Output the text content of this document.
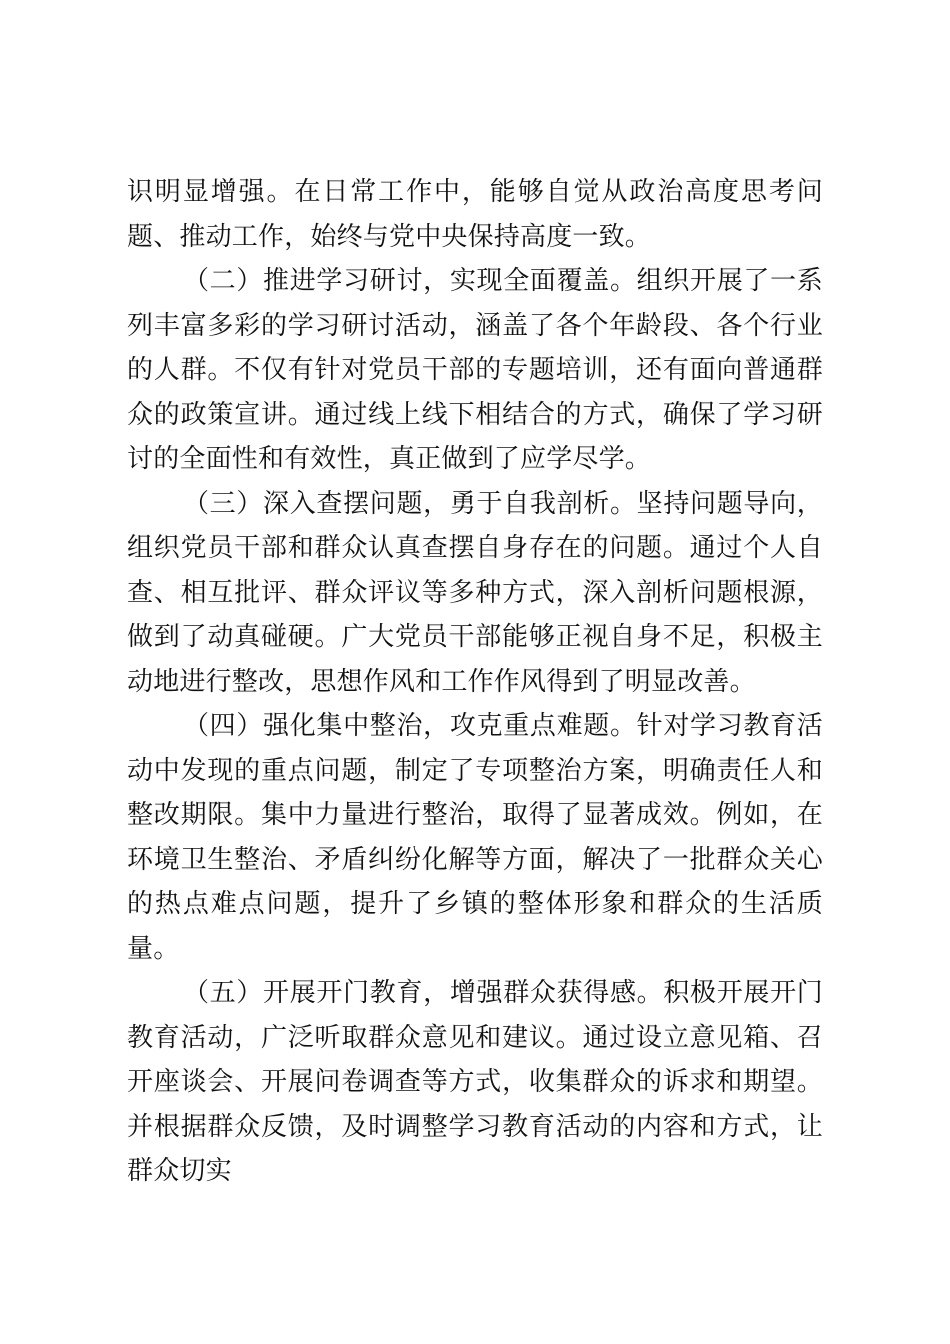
识明显增强。在日常工作中，能够自觉从政治高度思考问题、推动工作，始终与党中央保持高度一致。

（二）推进学习研讨，实现全面覆盖。组织开展了一系列丰富多彩的学习研讨活动，涵盖了各个年龄段、各个行业的人群。不仅有针对党员干部的专题培训，还有面向普通群众的政策宣讲。通过线上线下相结合的方式，确保了学习研讨的全面性和有效性，真正做到了应学尽学。

（三）深入查摆问题，勇于自我剖析。坚持问题导向，组织党员干部和群众认真查摆自身存在的问题。通过个人自查、相互批评、群众评议等多种方式，深入剖析问题根源，做到了动真碰硬。广大党员干部能够正视自身不足，积极主动地进行整改，思想作风和工作作风得到了明显改善。

（四）强化集中整治，攻克重点难题。针对学习教育活动中发现的重点问题，制定了专项整治方案，明确责任人和整改期限。集中力量进行整治，取得了显著成效。例如，在环境卫生整治、矛盾纠纷化解等方面，解决了一批群众关心的热点难点问题，提升了乡镇的整体形象和群众的生活质量。

（五）开展开门教育，增强群众获得感。积极开展开门教育活动，广泛听取群众意见和建议。通过设立意见箱、召开座谈会、开展问卷调查等方式，收集群众的诉求和期望。并根据群众反馈，及时调整学习教育活动的内容和方式，让群众切实
